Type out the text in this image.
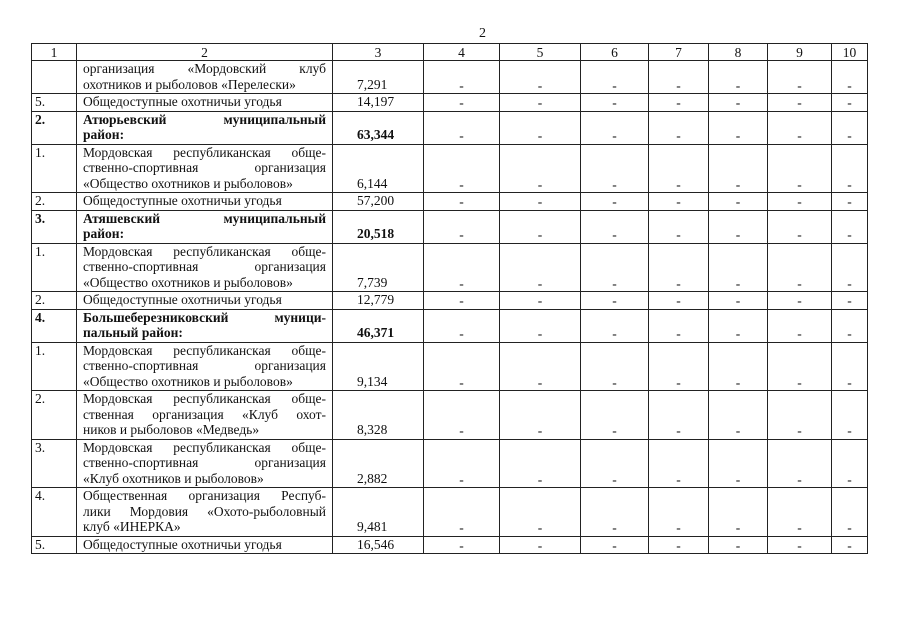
2
1	2	3	4	5	6	7	8	9	10

	организация «Мордовский клуб
охотников и рыболовов «Перелески»	7,291	-	-	-	-	-	-	-
5.	Общедоступные охотничьи угодья	14,197	-	-	-	-	-	-	-
2.	Атюрьевский муниципальный
район:	63,344	-	-	-	-	-	-	-
1.	Мордовская республиканская обще-
ственно-спортивная организация
«Общество охотников и рыболовов»	6,144	-	-	-	-	-	-	-
2.	Общедоступные охотничьи угодья	57,200	-	-	-	-	-	-	-
3.	Атяшевский муниципальный
район:	20,518	-	-	-	-	-	-	-
1.	Мордовская республиканская обще-
ственно-спортивная организация
«Общество охотников и рыболовов»	7,739	-	-	-	-	-	-	-
2.	Общедоступные охотничьи угодья	12,779	-	-	-	-	-	-	-
4.	Большеберезниковский муници-
пальный район:	46,371	-	-	-	-	-	-	-
1.	Мордовская республиканская обще-
ственно-спортивная организация
«Общество охотников и рыболовов»	9,134	-	-	-	-	-	-	-
2.	Мордовская республиканская обще-
ственная организация «Клуб охот-
ников и рыболовов «Медведь»	8,328	-	-	-	-	-	-	-
3.	Мордовская республиканская обще-
ственно-спортивная организация
«Клуб охотников и рыболовов»	2,882	-	-	-	-	-	-	-
4.	Общественная организация Респуб-
лики Мордовия «Охото-рыболовный
клуб «ИНЕРКА»	9,481	-	-	-	-	-	-	-
5.	Общедоступные охотничьи угодья	16,546	-	-	-	-	-	-	-
